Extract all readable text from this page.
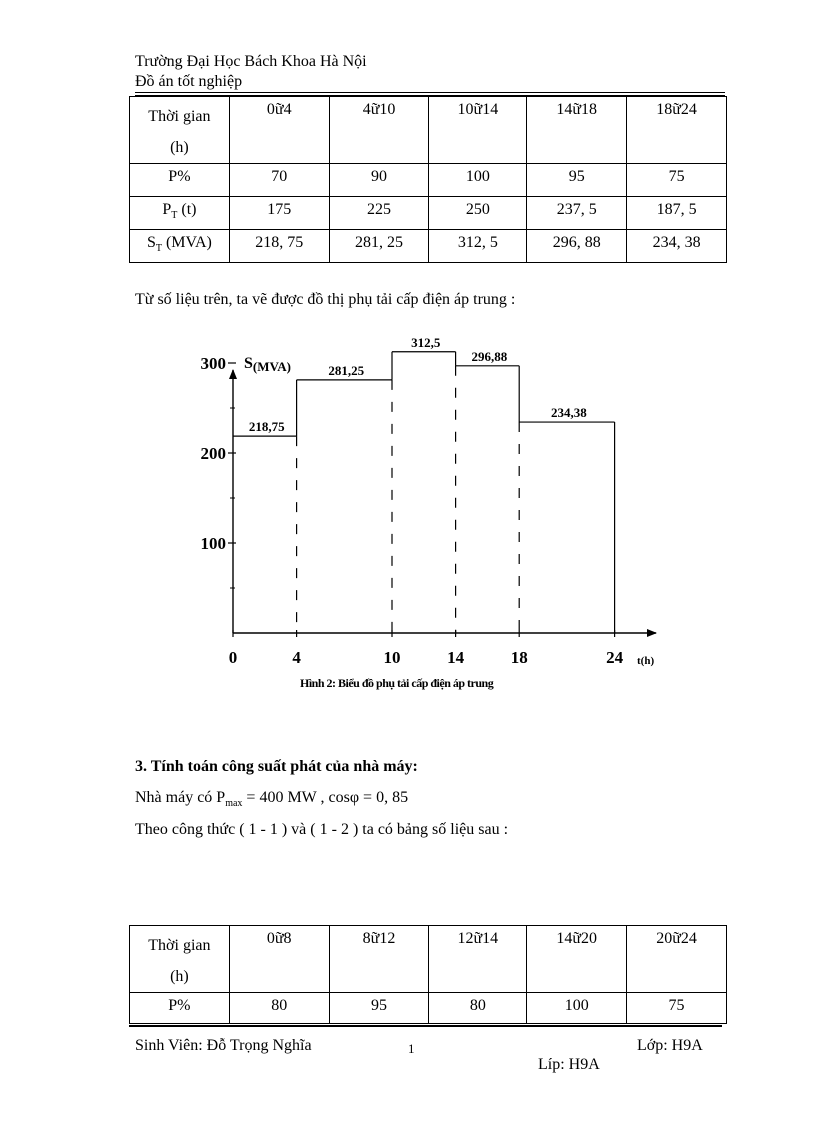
Trường Đại Học Bách Khoa Hà Nội
Đồ án tốt nghiệp
Thời gian
(h)	0ữ4	4ữ10	10ữ14	14ữ18	18ữ24
P%	70	90	100	95	75
$P_T$ (t)	175	225	250	237, 5	187, 5
$S_T$ (MVA)	218, 75	281, 25	312, 5	296, 88	234, 38
Từ số liệu trên, ta vẽ được đồ thị phụ tải cấp điện áp trung :
S(MVA)
t(h)
300
200
100
0	4	10	14	18	24
218,75
281,25
312,5
296,88
234,38
Hình 2: Biểu đồ phụ tải cấp điện áp trung
3. Tính toán công suất phát của nhà máy:
Nhà máy có $P_{max} = 400$ MW , cosφ = 0, 85
Theo công thức ( 1 - 1 ) và ( 1 - 2 ) ta có bảng số liệu sau :
Thời gian
(h)	0ữ8	8ữ12	12ữ14	14ữ20	20ữ24
P%	80	95	80	100	75
Sinh Viên: Đỗ Trọng Nghĩa	1	Lớp: H9A
Líp: H9A
